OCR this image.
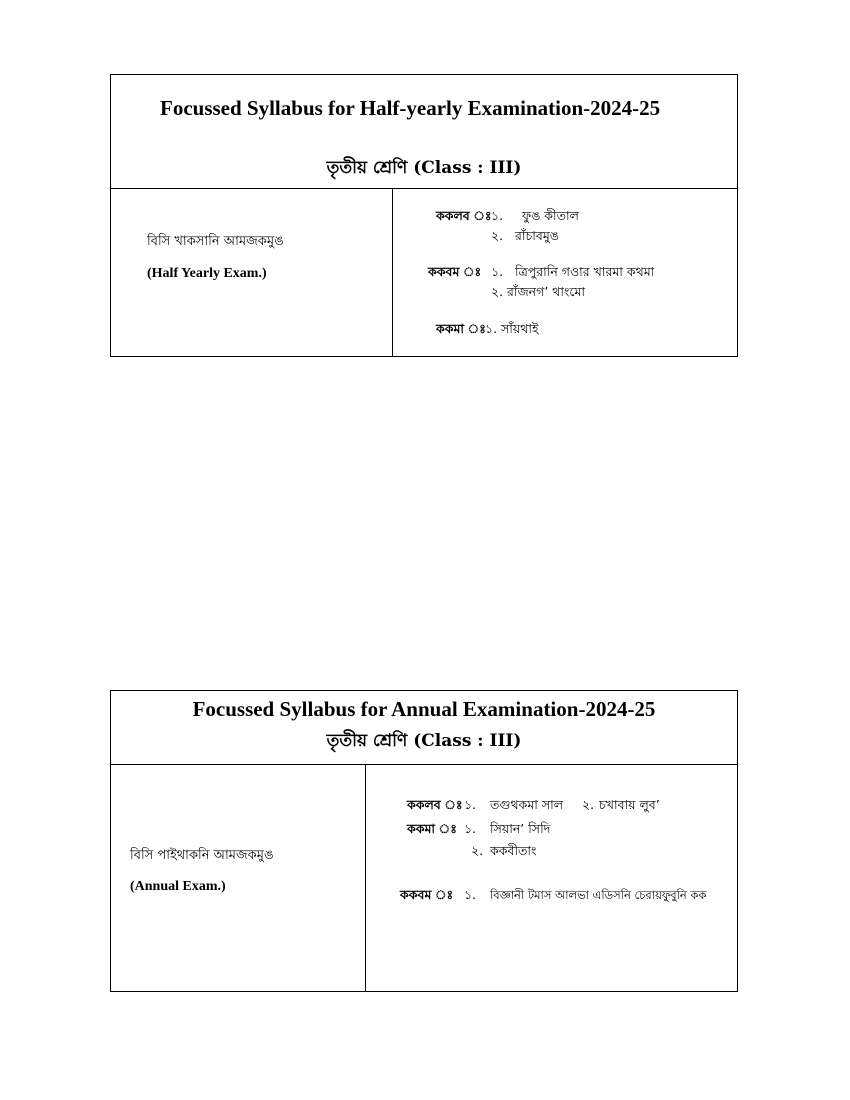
Focussed Syllabus for Half-yearly Examination-2024-25
তৃতীয় শ্রেণি (Class : III)
বিসি খাকসানি আমজকমুঙ
(Half Yearly Exam.)
ককলব ঃ ১. ফুঙ কীতাল
২. রাঁচাবমুঙ
ককবম ঃ ১. ত্রিপুরানি গওার খারমা কথমা
২. রাঁজনগ’ থাংমো
ককমা ঃ ১. সাঁয়থাই
Focussed Syllabus for Annual Examination-2024-25
তৃতীয় শ্রেণি (Class : III)
বিসি পাইথাকনি আমজকমুঙ
(Annual Exam.)
ককলব ঃ ১. তগুথকমা সাল ২. চখাবায় লুব’
ককমা ঃ ১. সিয়ান’ সিদি
২. ককবীতাং
ককবম ঃ ১. বিজ্ঞানী টমাস আলভা এডিসনি চেরায়ফুবুনি কক
